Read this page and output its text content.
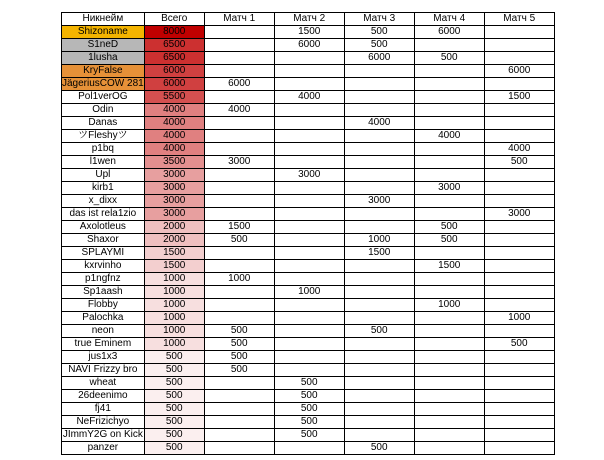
Никнейм	Всего	Матч 1	Матч 2	Матч 3	Матч 4	Матч 5
Shizoname	8000		1500	500	6000	
S1neD	6500		6000	500		
1lusha	6500			6000	500	
KryFalse	6000					6000
JägeriusCOW 281	6000	6000				
Pol1verOG	5500		4000			1500
Odin	4000	4000				
Danas	4000			4000		
ツFleshyツ	4000				4000	
p1bq	4000					4000
l1wen	3500	3000				500
Upl	3000		3000			
kirb1	3000				3000	
x_dixx	3000			3000		
das ist rela1zio	3000					3000
Axolotleus	2000	1500			500	
Shaxor	2000	500		1000	500	
SPLAYMI	1500			1500		
kxrvinho	1500				1500	
p1ngfnz	1000	1000				
Sp1aash	1000		1000			
Flobby	1000				1000	
Palochka	1000					1000
neon	1000	500		500		
true Eminem	1000	500				500
jus1x3	500	500				
NAVI Frizzy bro	500	500				
wheat	500		500			
26deenimo	500		500			
fj41	500		500			
NeFrizichyo	500		500			
JImmY2G on Kick	500		500			
panzer	500			500		
